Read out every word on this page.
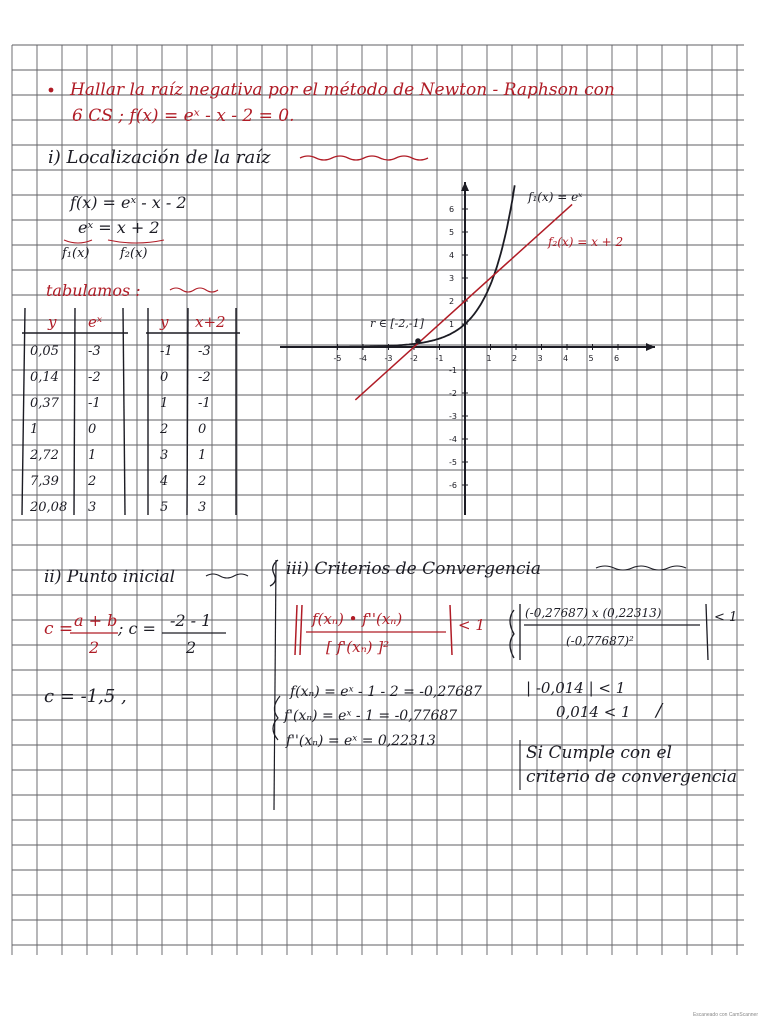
Hallar la raíz negativa por el método de Newton - Raphson con
6 CS ; f(x) = eˣ - x - 2 = 0.
i) Localización de la raíz
f(x) = eˣ - x - 2
eˣ = x + 2
f₁(x) f₂(x)
tabulamos :
y eˣ
0,05 -3
0,14 -2
0,37 -1
1	0
2,72 1
7,39 2
20,08 3
y x+2
-1 -3
0 -2
1 -1
2 0
3 1
4 2
5 3
-5 -4 -3 -2 -1	1	2	3	4	5	6
6
5
4
3
2
1
-1
-2
-3
-4
-5
-6
r ∈ [-2,-1]
f₁(x) = eˣ
f₂(x) = x + 2
ii) Punto inicial
c = a + b
2
; c = -2 - 1
2
c = -1,5 ,
iii) Criterios de Convergencia
f(xₙ) • f''(xₙ)
[ f'(xₙ) ]²
< 1
(-0,27687) x (0,22313)
(-0,77687)²
< 1
f(xₙ) = eˣ - 1 - 2 = -0,27687
f'(xₙ) = eˣ - 1 = -0,77687
f''(xₙ) = eˣ = 0,22313
| -0,014 | < 1
0,014 < 1 /
Si Cumple con el
criterio de convergencia
Escaneado con CamScanner
